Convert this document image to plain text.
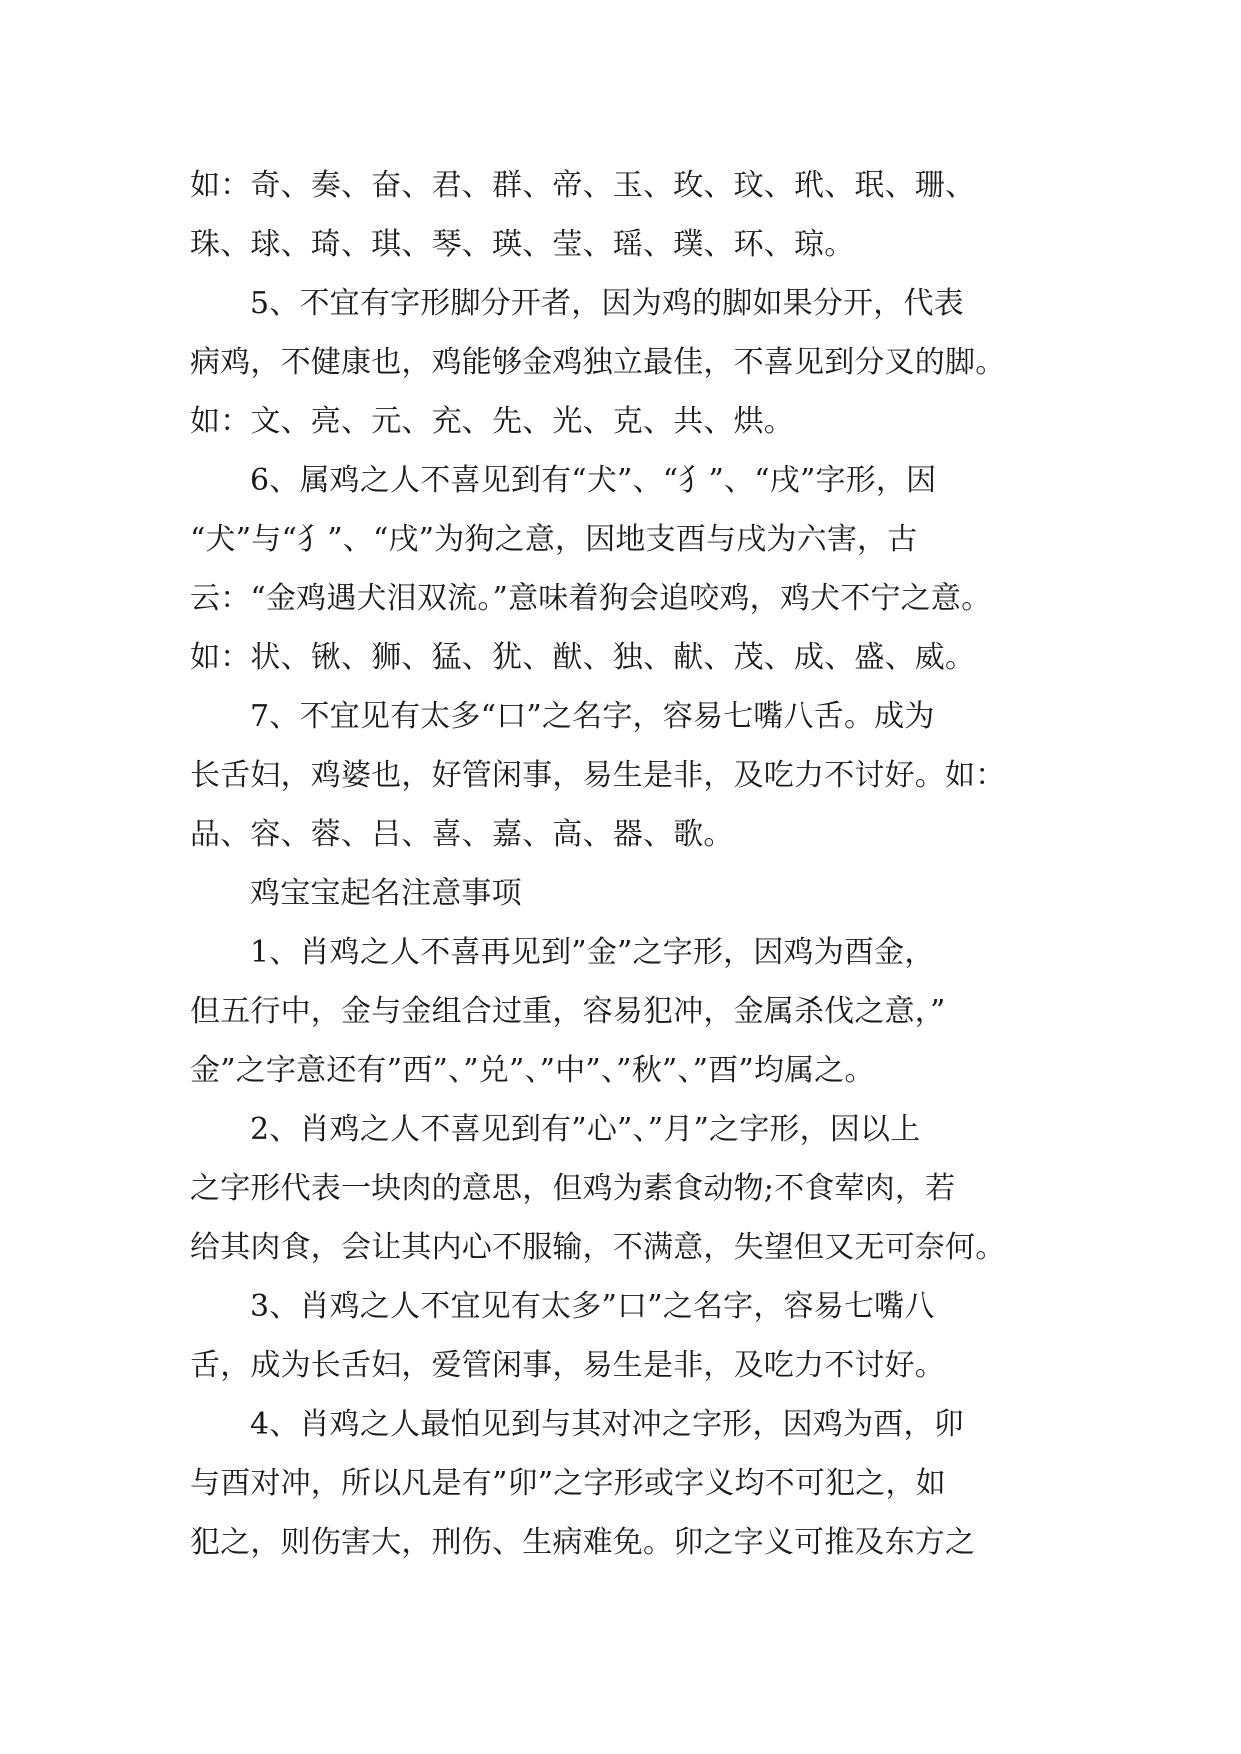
如：奇、奏、奋、君、群、帝、玉、玫、玟、玳、珉、珊、
珠、球、琦、琪、琴、瑛、莹、瑶、璞、环、琼。
5、不宜有字形脚分开者，因为鸡的脚如果分开，代表
病鸡，不健康也，鸡能够金鸡独立最佳，不喜见到分叉的脚。
如：文、亮、元、充、先、光、克、共、烘。
6、属鸡之人不喜见到有“犬”、“犭”、“戌”字形，因
“犬”与“犭”、“戌”为狗之意，因地支酉与戌为六害，古
云：“金鸡遇犬泪双流。”意味着狗会追咬鸡，鸡犬不宁之意。
如：状、锹、狮、猛、犹、猷、独、献、茂、成、盛、威。
7、不宜见有太多“口”之名字，容易七嘴八舌。成为
长舌妇，鸡婆也，好管闲事，易生是非，及吃力不讨好。如：
品、容、蓉、吕、喜、嘉、高、器、歌。
鸡宝宝起名注意事项
1、肖鸡之人不喜再见到”金”之字形，因鸡为酉金，
但五行中，金与金组合过重，容易犯冲，金属杀伐之意，”
金”之字意还有”西”、”兑”、”中”、”秋”、”酉”均属之。
2、肖鸡之人不喜见到有”心”、”月”之字形，因以上
之字形代表一块肉的意思，但鸡为素食动物;不食荤肉，若
给其肉食，会让其内心不服输，不满意，失望但又无可奈何。
3、肖鸡之人不宜见有太多”口”之名字，容易七嘴八
舌，成为长舌妇，爱管闲事，易生是非，及吃力不讨好。
4、肖鸡之人最怕见到与其对冲之字形，因鸡为酉，卯
与酉对冲，所以凡是有”卯”之字形或字义均不可犯之，如
犯之，则伤害大，刑伤、生病难免。卯之字义可推及东方之
